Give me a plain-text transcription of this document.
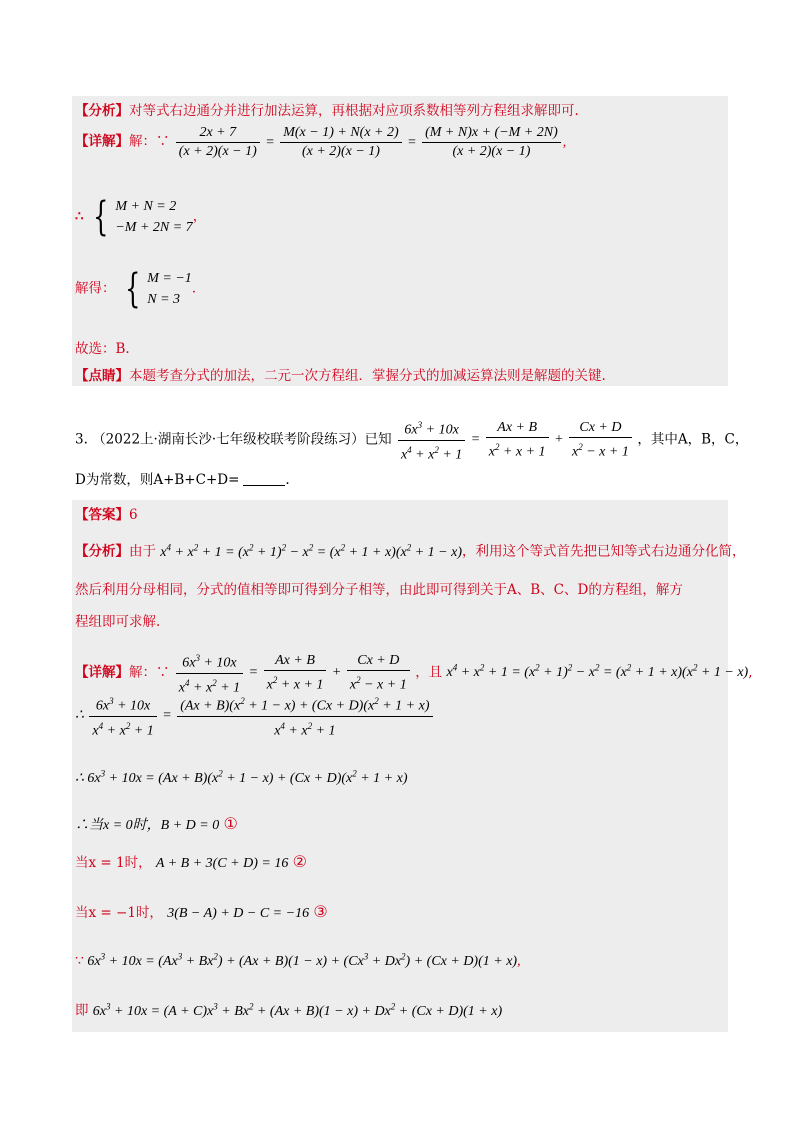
【分析】对等式右边通分并进行加法运算，再根据对应项系数相等列方程组求解即可.
【详解】解：∵ $\frac{2x + 7}{(x + 2)(x - 1)} = \frac{M(x - 1) + N(x + 2)}{(x + 2)(x - 1)} = \frac{(M + N)x + (-M + 2N)}{(x + 2)(x - 1)}$ ,
∴ { M + N = 2
−M + 2N = 7
，
解得： { M = −1
N = 3
．
故选：B.
【点睛】本题考查分式的加法，二元一次方程组．掌握分式的加减运算法则是解题的关键.
3. （2022上·湖南长沙·七年级校联考阶段练习）已知 $\frac{6x^3 + 10x}{x^4 + x^2 + 1} = \frac{Ax + B}{x^2 + x + 1} + \frac{Cx + D}{x^2 - x + 1}$ ，其中A，B，C，
D为常数，则A+B+C+D=	.
【答案】6
【分析】由于 $x^4 + x^2 + 1 = (x^2 + 1)^2 - x^2 = (x^2 + 1 + x)(x^2 + 1 - x)$，利用这个等式首先把已知等式右边通分化简，
然后利用分母相同，分式的值相等即可得到分子相等，由此即可得到关于A、B、C、D的方程组，解方
程组即可求解.
【详解】解：∵ $\frac{6x^3 + 10x}{x^4 + x^2 + 1} = \frac{Ax + B}{x^2 + x + 1} + \frac{Cx + D}{x^2 - x + 1}$ ，且 $x^4 + x^2 + 1 = (x^2 + 1)^2 - x^2 = (x^2 + 1 + x)(x^2 + 1 - x)$,
∴ $\frac{6x^3 + 10x}{x^4 + x^2 + 1} = \frac{(Ax + B)(x^2 + 1 - x) + (Cx + D)(x^2 + 1 + x)}{x^4 + x^2 + 1}$
∴ $6x^3 + 10x = (Ax + B)(x^2 + 1 - x) + (Cx + D)(x^2 + 1 + x)$
∴当x = 0时，B + D = 0 ①
当x = 1时， A + B + 3(C + D) = 16 ②
当x = −1时， 3(B − A) + D − C = −16 ③
∵ $6x^3 + 10x = (Ax^3 + Bx^2) + (Ax + B)(1 - x) + (Cx^3 + Dx^2) + (Cx + D)(1 + x)$,
即 $6x^3 + 10x = (A + C)x^3 + Bx^2 + (Ax + B)(1 - x) + Dx^2 + (Cx + D)(1 + x)$
